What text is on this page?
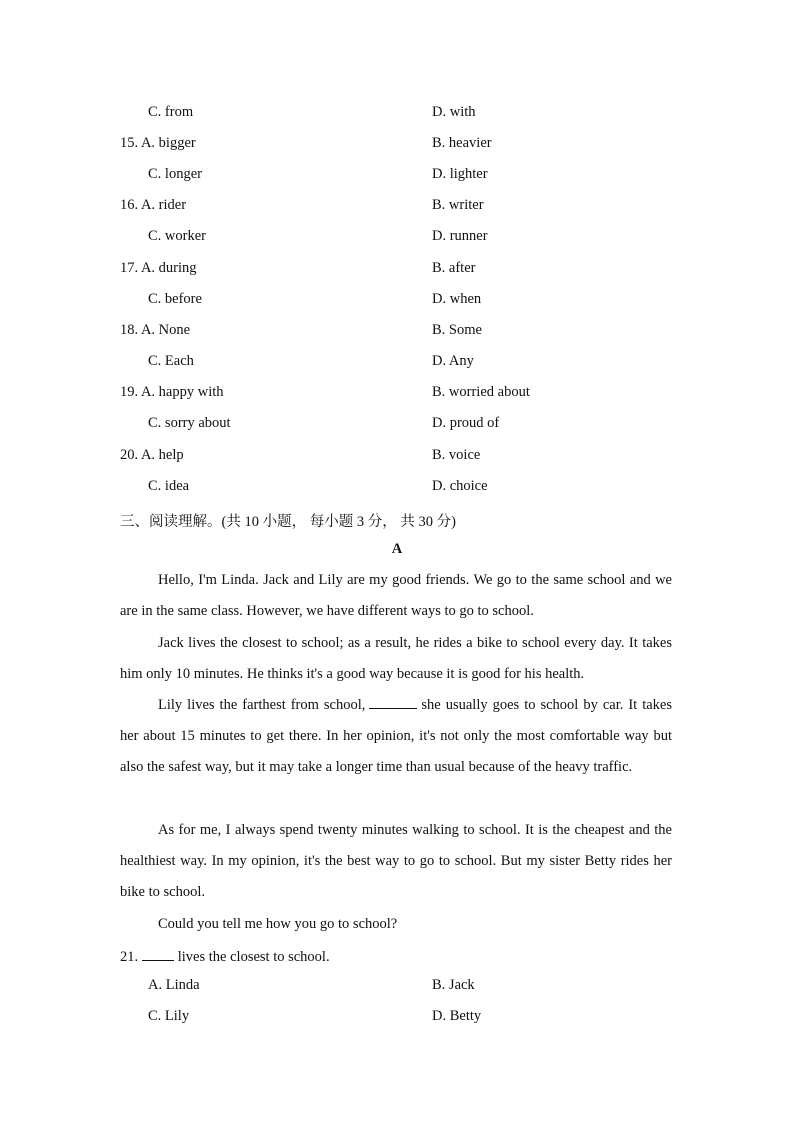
C. from	D. with
15. A. bigger	B. heavier
C. longer	D. lighter
16. A. rider	B. writer
C. worker	D. runner
17. A. during	B. after
C. before	D. when
18. A. None	B. Some
C. Each	D. Any
19. A. happy with	B. worried about
C. sorry about	D. proud of
20. A. help	B. voice
C. idea	D. choice
三、阅读理解。(共 10 小题， 每小题 3 分， 共 30 分)
A
Hello, I'm Linda. Jack and Lily are my good friends. We go to the same school and we are in the same class. However, we have different ways to go to school.
Jack lives the closest to school; as a result, he rides a bike to school every day. It takes him only 10 minutes. He thinks it's a good way because it is good for his health.
Lily lives the farthest from school,	she usually goes to school by car. It takes her about 15 minutes to get there. In her opinion, it's not only the most comfortable way but also the safest way, but it may take a longer time than usual because of the heavy traffic.
As for me, I always spend twenty minutes walking to school. It is the cheapest and the healthiest way. In my opinion, it's the best way to go to school. But my sister Betty rides her bike to school.
Could you tell me how you go to school?
21.	lives the closest to school.
A. Linda	B. Jack
C. Lily	D. Betty
